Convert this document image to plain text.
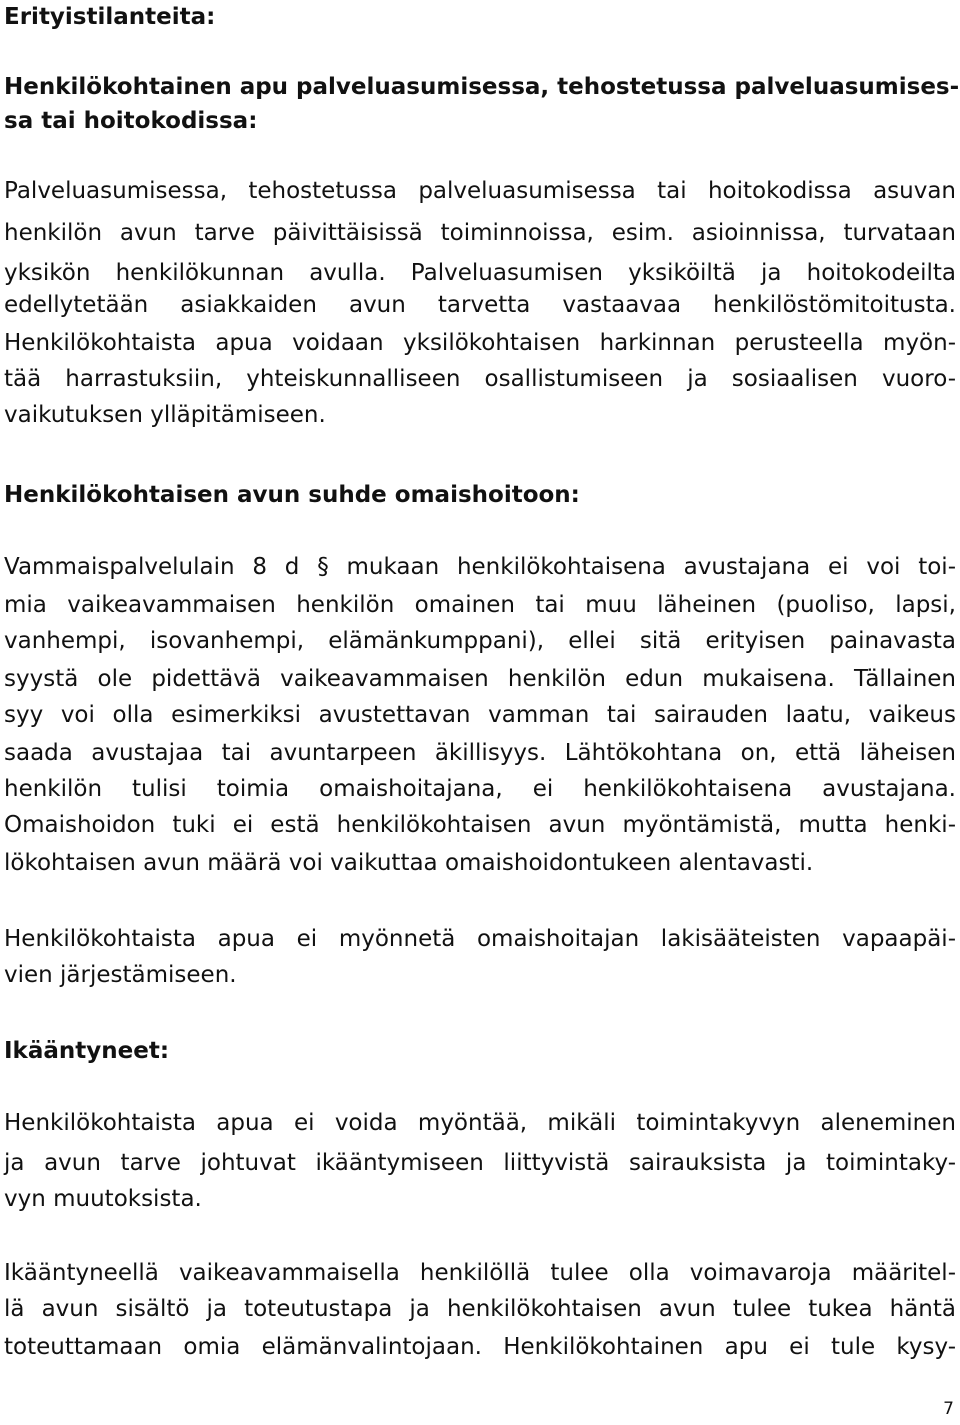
Erityistilanteita:
Henkilökohtainen apu palveluasumisessa, tehostetussa palveluasumises-
sa tai hoitokodissa:
Palveluasumisessa, tehostetussa palveluasumisessa tai hoitokodissa asuvan
henkilön avun tarve päivittäisissä toiminnoissa, esim. asioinnissa, turvataan
yksikön henkilökunnan avulla. Palveluasumisen yksiköiltä ja hoitokodeilta
edellytetään asiakkaiden avun tarvetta vastaavaa henkilöstömitoitusta.
Henkilökohtaista apua voidaan yksilökohtaisen harkinnan perusteella myön-
tää harrastuksiin, yhteiskunnalliseen osallistumiseen ja sosiaalisen vuoro-
vaikutuksen ylläpitämiseen.
Henkilökohtaisen avun suhde omaishoitoon:
Vammaispalvelulain 8 d § mukaan henkilökohtaisena avustajana ei voi toi-
mia vaikeavammaisen henkilön omainen tai muu läheinen (puoliso, lapsi,
vanhempi, isovanhempi, elämänkumppani), ellei sitä erityisen painavasta
syystä ole pidettävä vaikeavammaisen henkilön edun mukaisena. Tällainen
syy voi olla esimerkiksi avustettavan vamman tai sairauden laatu, vaikeus
saada avustajaa tai avuntarpeen äkillisyys. Lähtökohtana on, että läheisen
henkilön tulisi toimia omaishoitajana, ei henkilökohtaisena avustajana.
Omaishoidon tuki ei estä henkilökohtaisen avun myöntämistä, mutta henki-
lökohtaisen avun määrä voi vaikuttaa omaishoidontukeen alentavasti.
Henkilökohtaista apua ei myönnetä omaishoitajan lakisääteisten vapaapäi-
vien järjestämiseen.
Ikääntyneet:
Henkilökohtaista apua ei voida myöntää, mikäli toimintakyvyn aleneminen
ja avun tarve johtuvat ikääntymiseen liittyvistä sairauksista ja toimintaky-
vyn muutoksista.
Ikääntyneellä vaikeavammaisella henkilöllä tulee olla voimavaroja määritel-
lä avun sisältö ja toteutustapa ja henkilökohtaisen avun tulee tukea häntä
toteuttamaan omia elämänvalintojaan. Henkilökohtainen apu ei tule kysy-
7
